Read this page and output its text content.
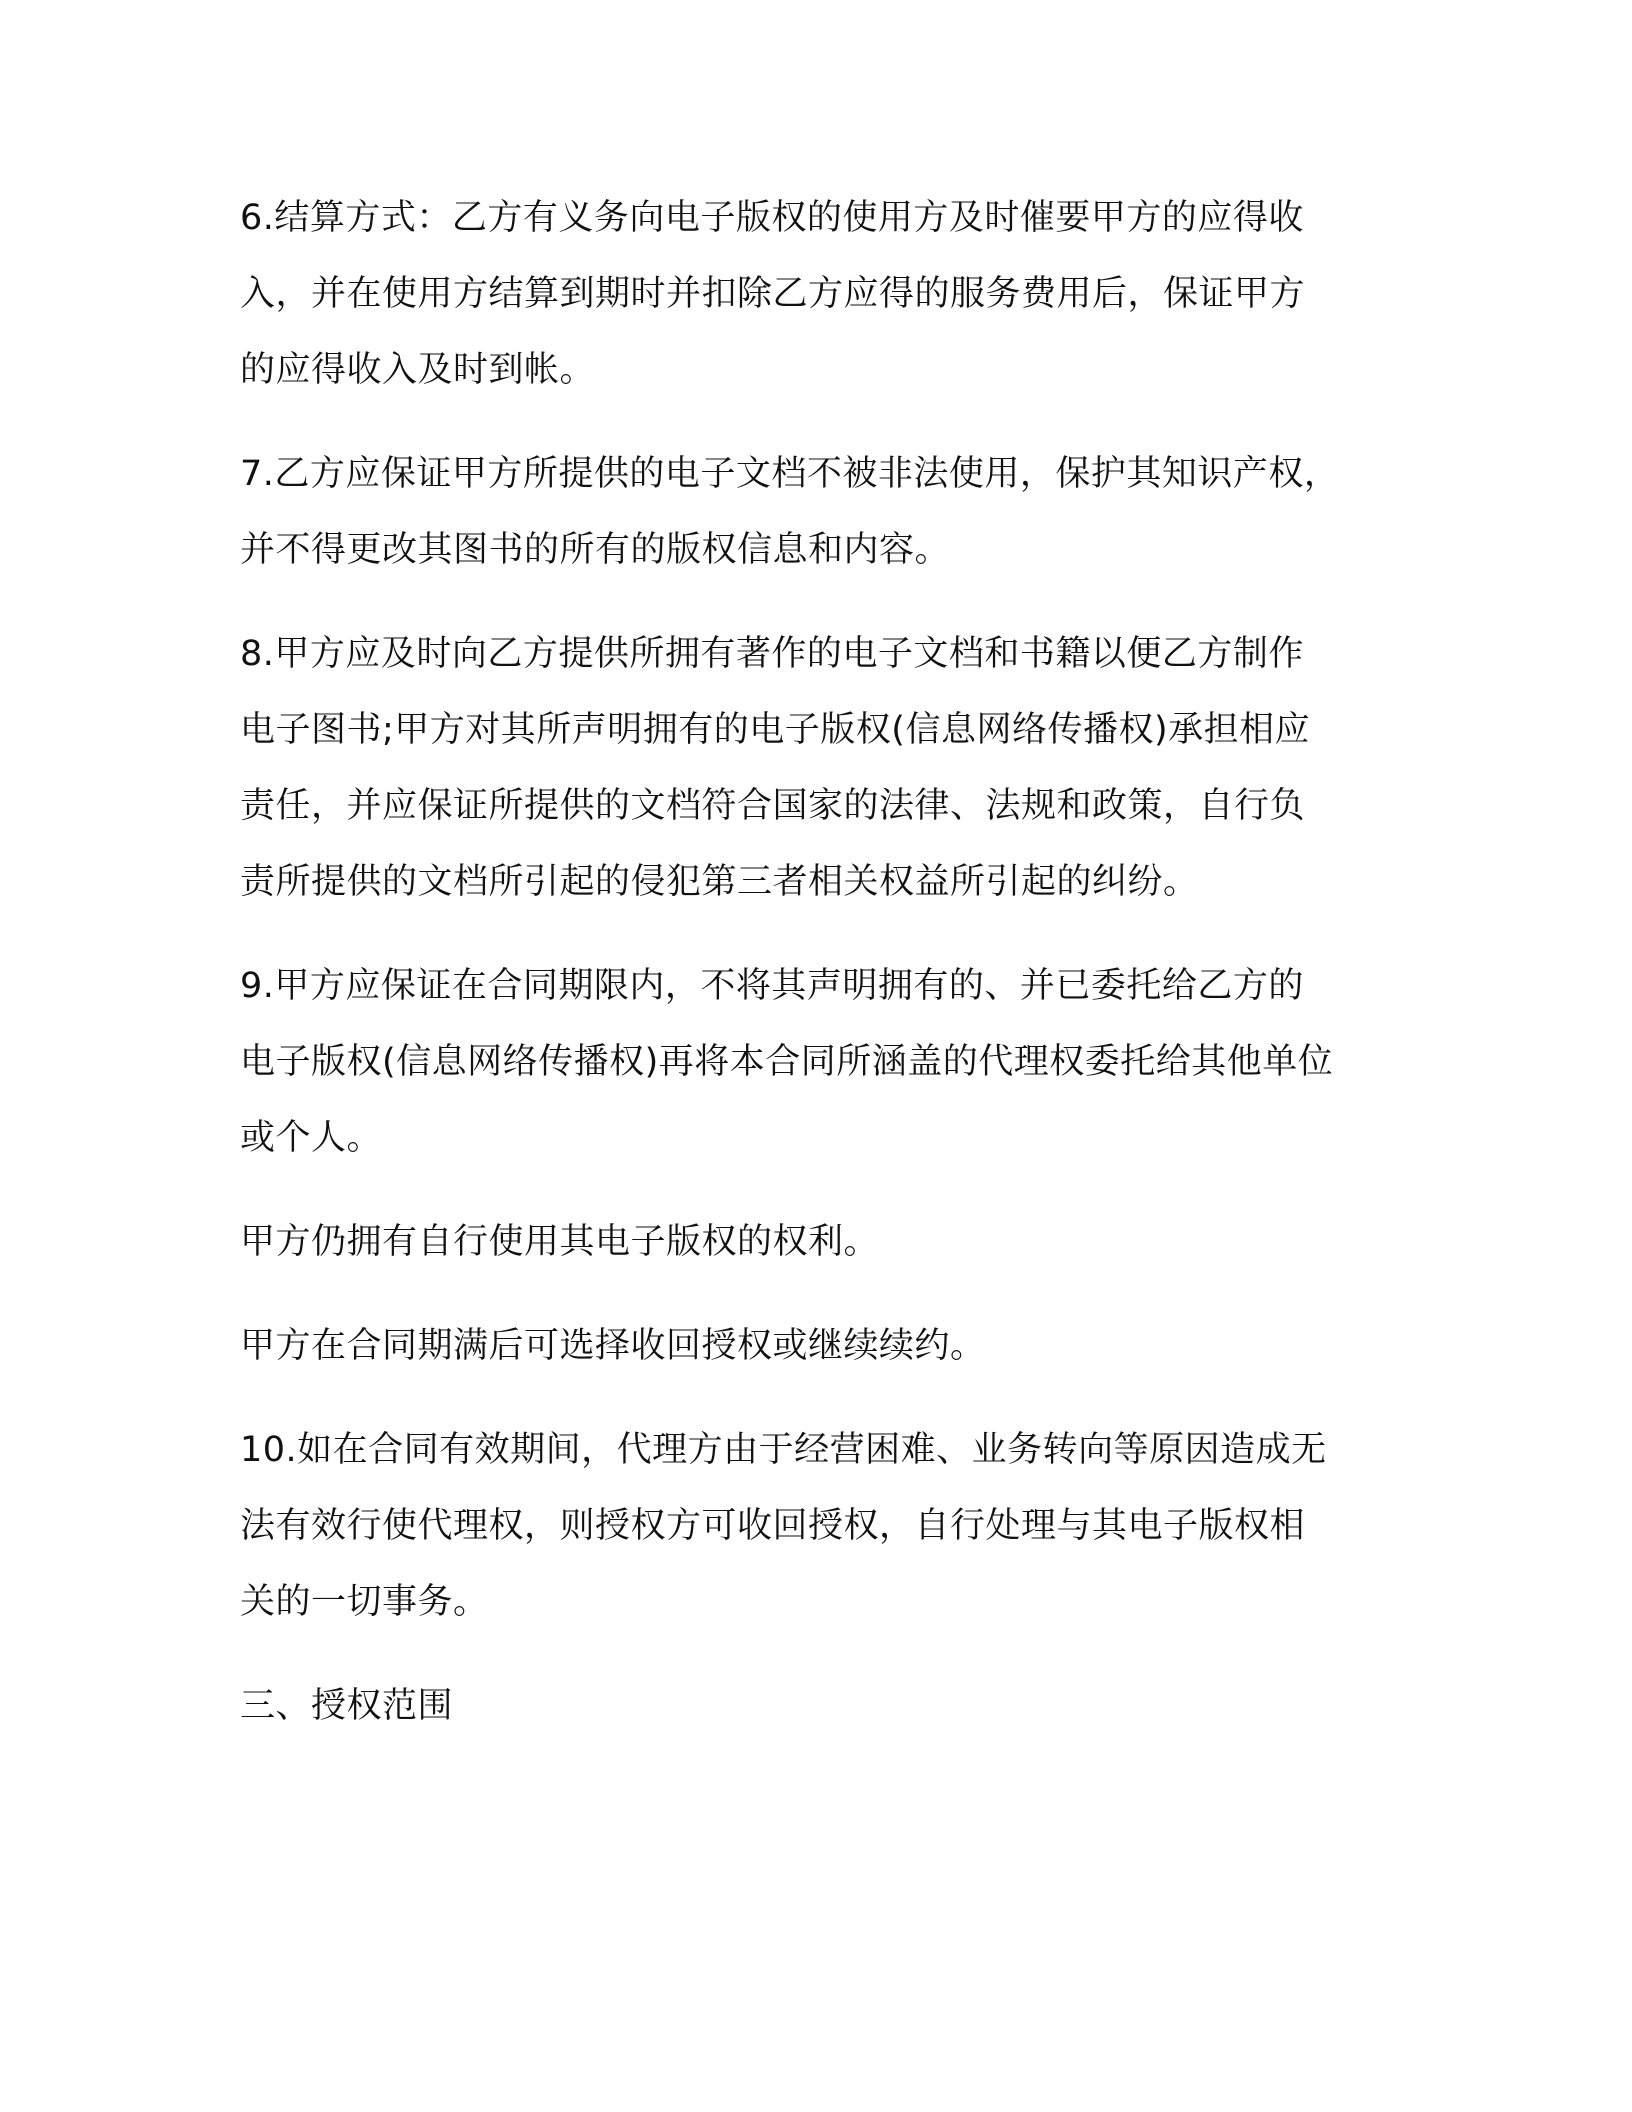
6.结算方式：乙方有义务向电子版权的使用方及时催要甲方的应得收

入，并在使用方结算到期时并扣除乙方应得的服务费用后，保证甲方

的应得收入及时到帐。

7.乙方应保证甲方所提供的电子文档不被非法使用，保护其知识产权，

并不得更改其图书的所有的版权信息和内容。

8.甲方应及时向乙方提供所拥有著作的电子文档和书籍以便乙方制作

电子图书;甲方对其所声明拥有的电子版权(信息网络传播权)承担相应

责任，并应保证所提供的文档符合国家的法律、法规和政策，自行负

责所提供的文档所引起的侵犯第三者相关权益所引起的纠纷。

9.甲方应保证在合同期限内，不将其声明拥有的、并已委托给乙方的

电子版权(信息网络传播权)再将本合同所涵盖的代理权委托给其他单位

或个人。

甲方仍拥有自行使用其电子版权的权利。

甲方在合同期满后可选择收回授权或继续续约。

10.如在合同有效期间，代理方由于经营困难、业务转向等原因造成无

法有效行使代理权，则授权方可收回授权，自行处理与其电子版权相

关的一切事务。

三、授权范围
